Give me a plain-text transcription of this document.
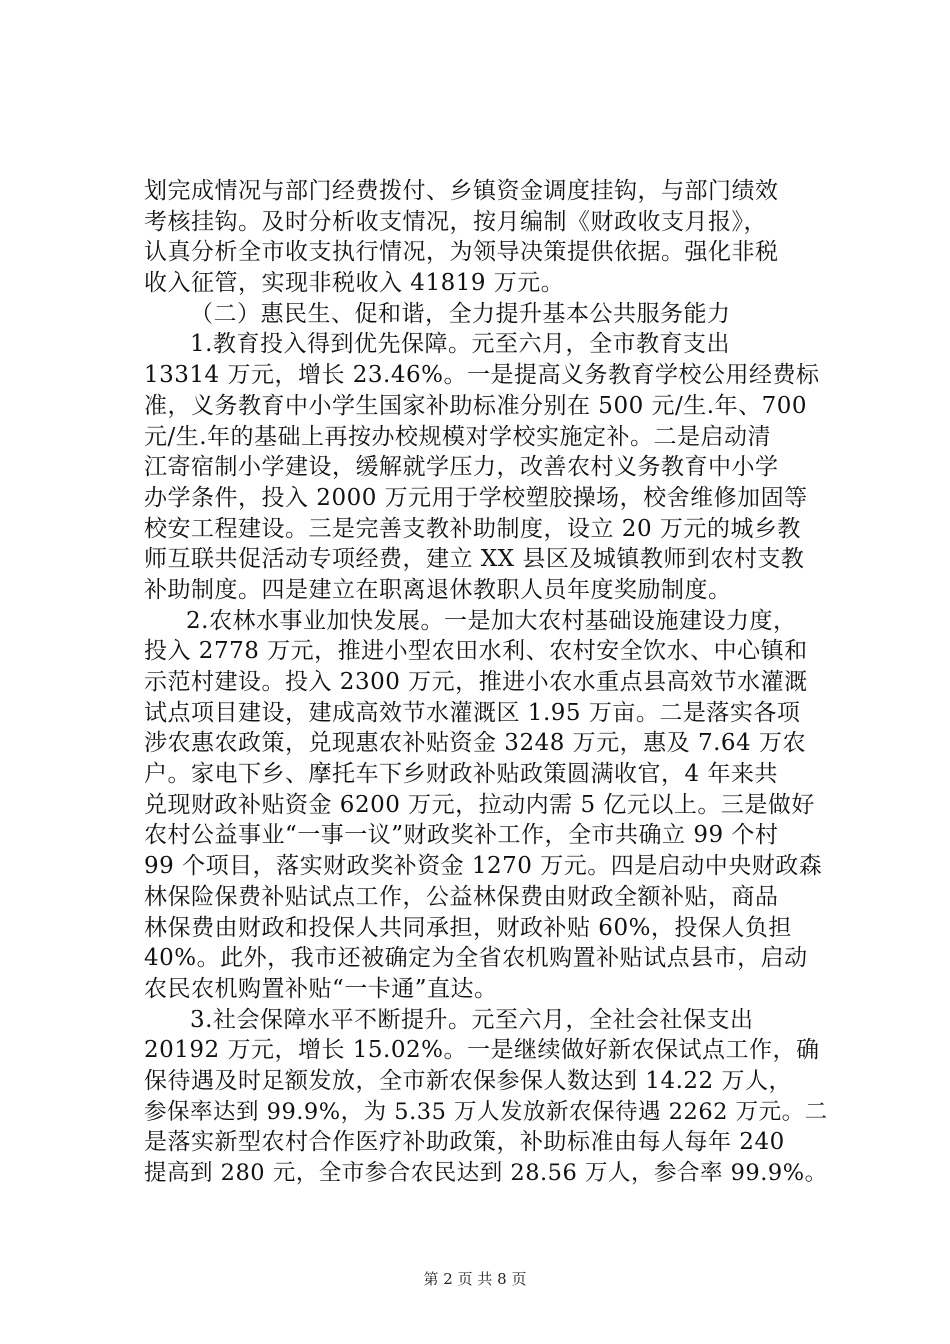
划完成情况与部门经费拨付、乡镇资金调度挂钩，与部门绩效
考核挂钩。及时分析收支情况，按月编制《财政收支月报》，
认真分析全市收支执行情况，为领导决策提供依据。强化非税
收入征管，实现非税收入 41819 万元。
（二）惠民生、促和谐，全力提升基本公共服务能力
1.教育投入得到优先保障。元至六月，全市教育支出
13314 万元，增长 23.46%。一是提高义务教育学校公用经费标
准，义务教育中小学生国家补助标准分别在 500 元/生.年、700
元/生.年的基础上再按办校规模对学校实施定补。二是启动清
江寄宿制小学建设，缓解就学压力，改善农村义务教育中小学
办学条件，投入 2000 万元用于学校塑胶操场，校舍维修加固等
校安工程建设。三是完善支教补助制度，设立 20 万元的城乡教
师互联共促活动专项经费，建立 XX 县区及城镇教师到农村支教
补助制度。四是建立在职离退休教职人员年度奖励制度。
2.农林水事业加快发展。一是加大农村基础设施建设力度，
投入 2778 万元，推进小型农田水利、农村安全饮水、中心镇和
示范村建设。投入 2300 万元，推进小农水重点县高效节水灌溉
试点项目建设，建成高效节水灌溉区 1.95 万亩。二是落实各项
涉农惠农政策，兑现惠农补贴资金 3248 万元，惠及 7.64 万农
户。家电下乡、摩托车下乡财政补贴政策圆满收官，4 年来共
兑现财政补贴资金 6200 万元，拉动内需 5 亿元以上。三是做好
农村公益事业“一事一议”财政奖补工作，全市共确立 99 个村
99 个项目，落实财政奖补资金 1270 万元。四是启动中央财政森
林保险保费补贴试点工作，公益林保费由财政全额补贴，商品
林保费由财政和投保人共同承担，财政补贴 60%，投保人负担
40%。此外，我市还被确定为全省农机购置补贴试点县市，启动
农民农机购置补贴“一卡通”直达。
3.社会保障水平不断提升。元至六月，全社会社保支出
20192 万元，增长 15.02%。一是继续做好新农保试点工作，确
保待遇及时足额发放，全市新农保参保人数达到 14.22 万人，
参保率达到 99.9%，为 5.35 万人发放新农保待遇 2262 万元。二
是落实新型农村合作医疗补助政策，补助标准由每人每年 240
提高到 280 元，全市参合农民达到 28.56 万人，参合率 99.9%。
第 2 页 共 8 页
